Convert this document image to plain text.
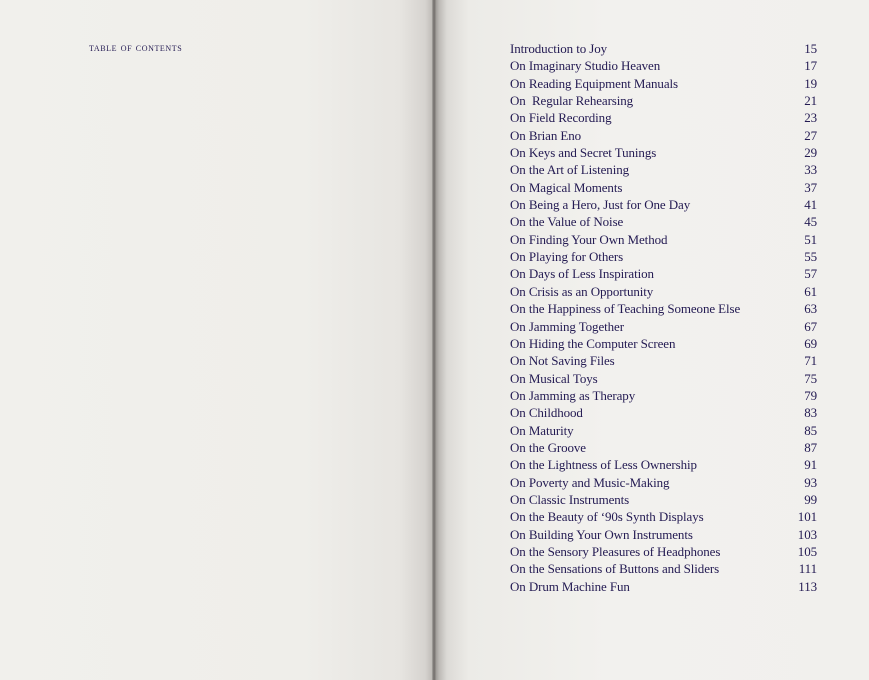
table of contents	Introduction to Joy	15
On Imaginary Studio Heaven	17
On Reading Equipment Manuals	19
On  Regular Rehearsing	21
On Field Recording	23
On Brian Eno	27
On Keys and Secret Tunings	29
On the Art of Listening	33
On Magical Moments	37
On Being a Hero, Just for One Day	41
On the Value of Noise	45
On Finding Your Own Method	51
On Playing for Others	55
On Days of Less Inspiration	57
On Crisis as an Opportunity	61
On the Happiness of Teaching Someone Else	63
On Jamming Together	67
On Hiding the Computer Screen	69
On Not Saving Files	71
On Musical Toys	75
On Jamming as Therapy	79
On Childhood	83
On Maturity	85
On the Groove	87
On the Lightness of Less Ownership	91
On Poverty and Music-Making	93
On Classic Instruments	99
On the Beauty of ‘90s Synth Displays	101
On Building Your Own Instruments	103
On the Sensory Pleasures of Headphones	105
On the Sensations of Buttons and Sliders	111
On Drum Machine Fun	113
